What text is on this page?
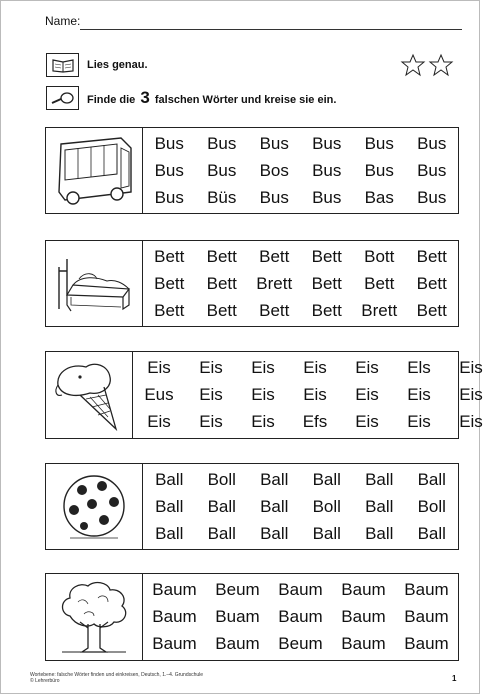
Name:
Lies genau.
Finde die 3 falschen Wörter und kreise sie ein.
Bus	Bus	Bus	Bus	Bus	Bus
Bus	Bus	Bos	Bus	Bus	Bus
Bus	Büs	Bus	Bus	Bas	Bus
Bett	Bett	Bett	Bett	Bott	Bett
Bett	Bett	Brett	Bett	Bett	Bett
Bett	Bett	Bett	Bett	Brett	Bett
Eis	Eis	Eis	Eis	Eis	Els	Eis
Eus	Eis	Eis	Eis	Eis	Eis	Eis
Eis	Eis	Eis	Efs	Eis	Eis	Eis
Ball	Boll	Ball	Ball	Ball	Ball
Ball	Ball	Ball	Boll	Ball	Boll
Ball	Ball	Ball	Ball	Ball	Ball
Baum Beum Baum Baum Baum
Baum Buam Baum Baum Baum
Baum Baum Beum Baum Baum
Wortebene: falsche Wörter finden und einkreisen, Deutsch, 1.–4. Grundschule
© Lehrerbüro	1
